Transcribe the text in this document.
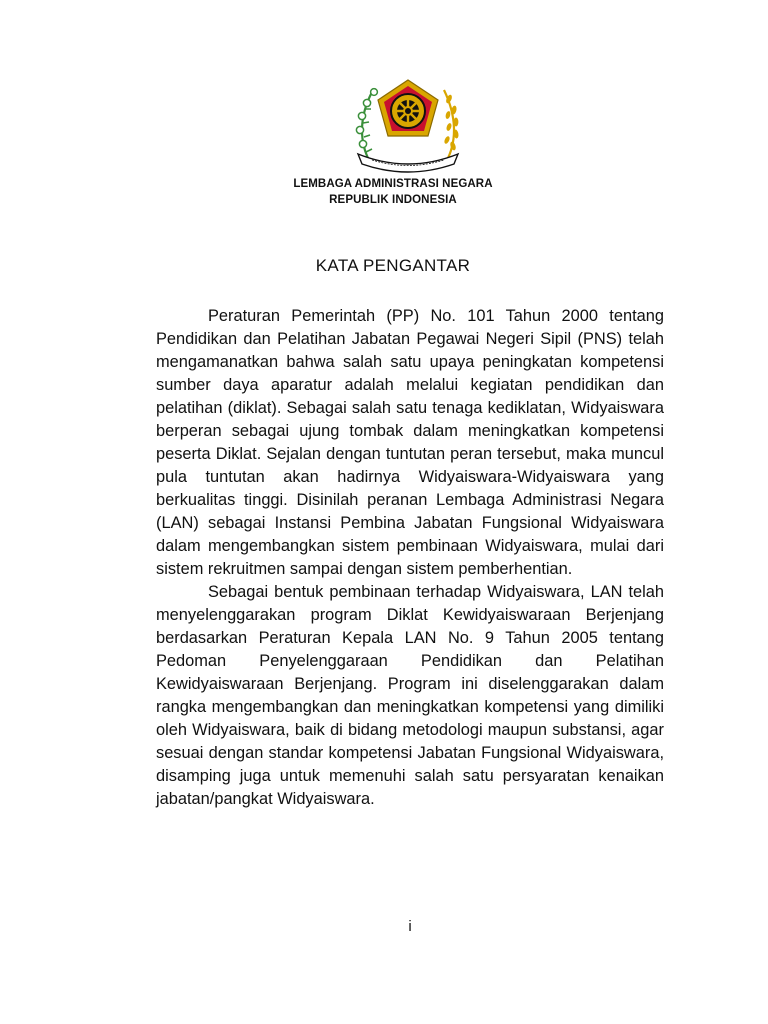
LEMBAGA ADMINISTRASI NEGARA
REPUBLIK INDONESIA
KATA PENGANTAR

Peraturan Pemerintah (PP) No. 101 Tahun 2000 tentang Pendidikan dan Pelatihan Jabatan Pegawai Negeri Sipil (PNS) telah mengamanatkan bahwa salah satu upaya peningkatan kompetensi sumber daya aparatur adalah melalui kegiatan pendidikan dan pelatihan (diklat). Sebagai salah satu tenaga kediklatan, Widyaiswara berperan sebagai ujung tombak dalam meningkatkan kompetensi peserta Diklat. Sejalan dengan tuntutan peran tersebut, maka muncul pula tuntutan akan hadirnya Widyaiswara-Widyaiswara yang berkualitas tinggi. Disinilah peranan Lembaga Administrasi Negara (LAN) sebagai Instansi Pembina Jabatan Fungsional Widyaiswara dalam mengembangkan sistem pembinaan Widyaiswara, mulai dari sistem rekruitmen sampai dengan sistem pemberhentian.

Sebagai bentuk pembinaan terhadap Widyaiswara, LAN telah menyelenggarakan program Diklat Kewidyaiswaraan Berjenjang berdasarkan Peraturan Kepala LAN No. 9 Tahun 2005 tentang Pedoman Penyelenggaraan Pendidikan dan Pelatihan Kewidyaiswaraan Berjenjang. Program ini diselenggarakan dalam rangka mengembangkan dan meningkatkan kompetensi yang dimiliki oleh Widyaiswara, baik di bidang metodologi maupun substansi, agar sesuai dengan standar kompetensi Jabatan Fungsional Widyaiswara, disamping juga untuk memenuhi salah satu persyaratan kenaikan jabatan/pangkat Widyaiswara.

i
